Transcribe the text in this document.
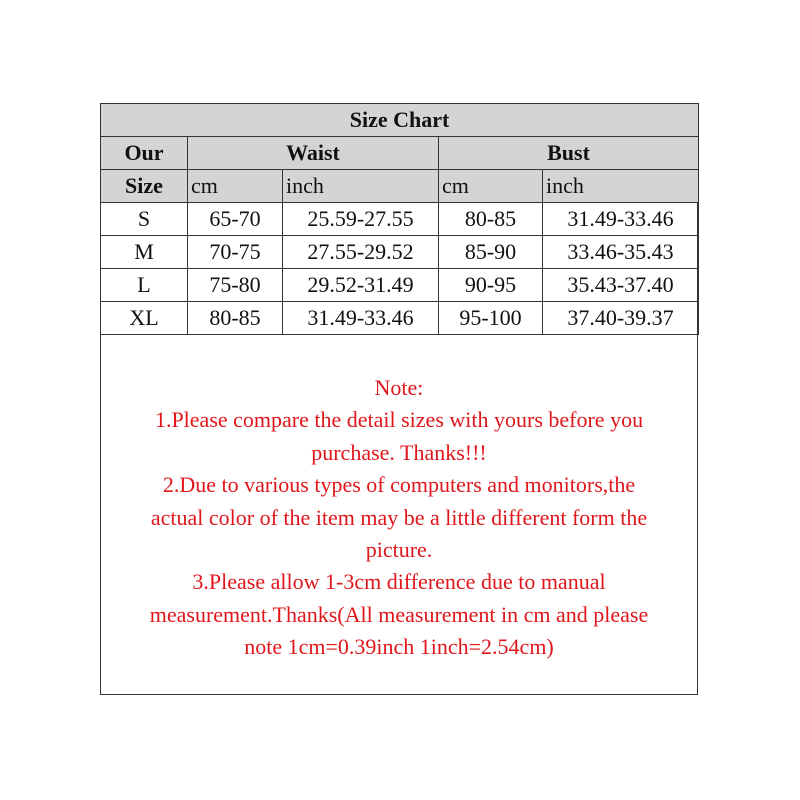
Size Chart				
Our	Waist		Bust	
Size	cm	inch	cm	inch
S	65-70	25.59-27.55	80-85	31.49-33.46
M	70-75	27.55-29.52	85-90	33.46-35.43
L	75-80	29.52-31.49	90-95	35.43-37.40
XL	80-85	31.49-33.46	95-100	37.40-39.37
Note:
1.Please compare the detail sizes with yours before you
purchase. Thanks!!!
2.Due to various types of computers and monitors,the
actual color of the item may be a little different form the
picture.
3.Please allow 1-3cm difference due to manual
measurement.Thanks(All measurement in cm and please
note 1cm=0.39inch 1inch=2.54cm)
